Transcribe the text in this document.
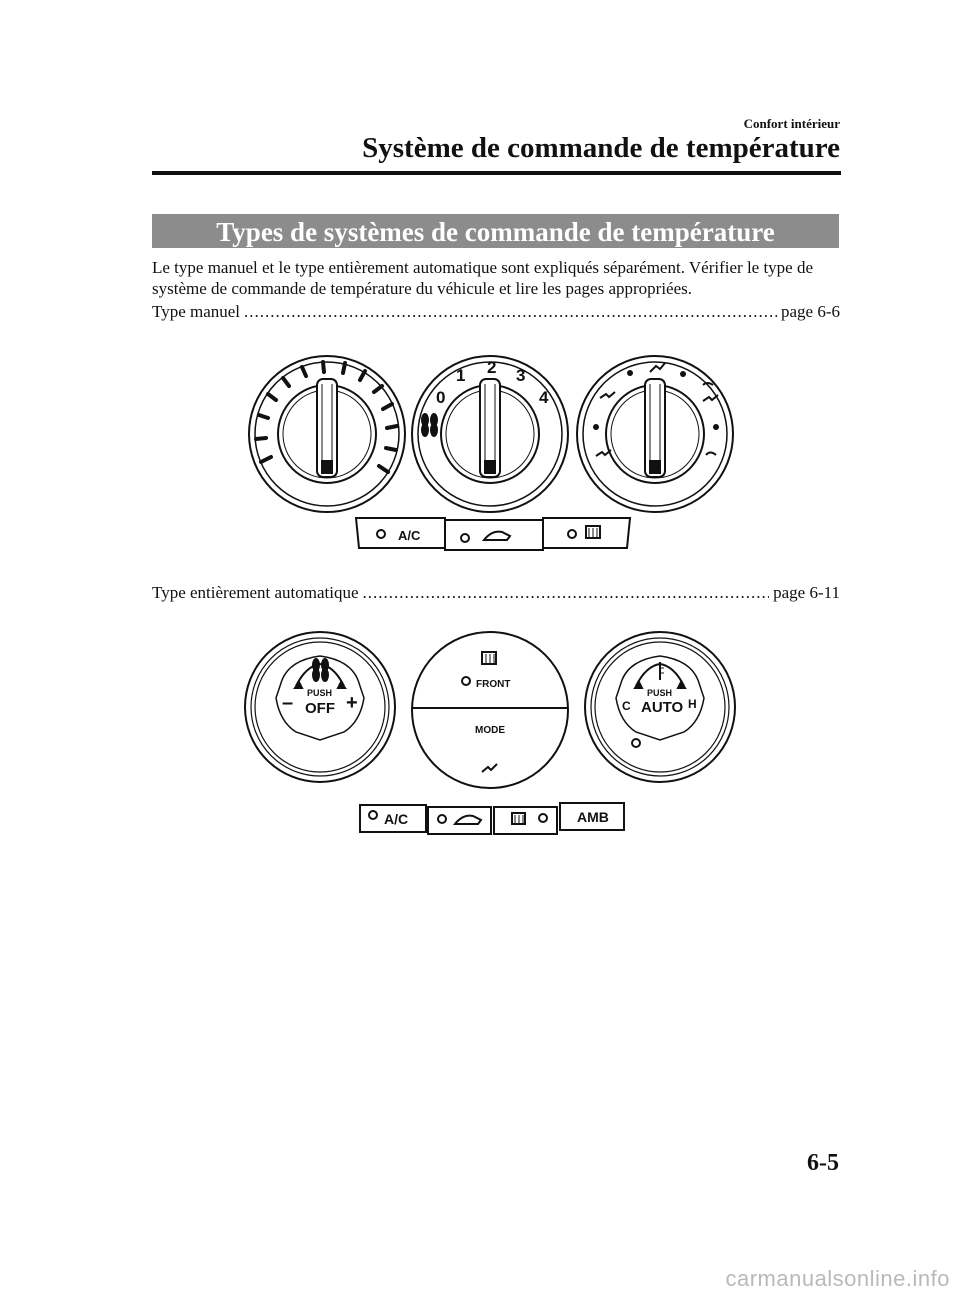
Confort intérieur
Système de commande de température
Types de systèmes de commande de température
Le type manuel et le type entièrement automatique sont expliqués séparément. Vérifier le type de système de commande de température du véhicule et lire les pages appropriées.
Type manuel .....	page 6-6
0
1 2 3
4
A/C
Type entièrement automatique .....	page 6-11
PUSH
OFF
–	+
FRONT
MODE
PUSH
AUTO
C	H
A/C	AMB
6-5
carmanualsonline.info
